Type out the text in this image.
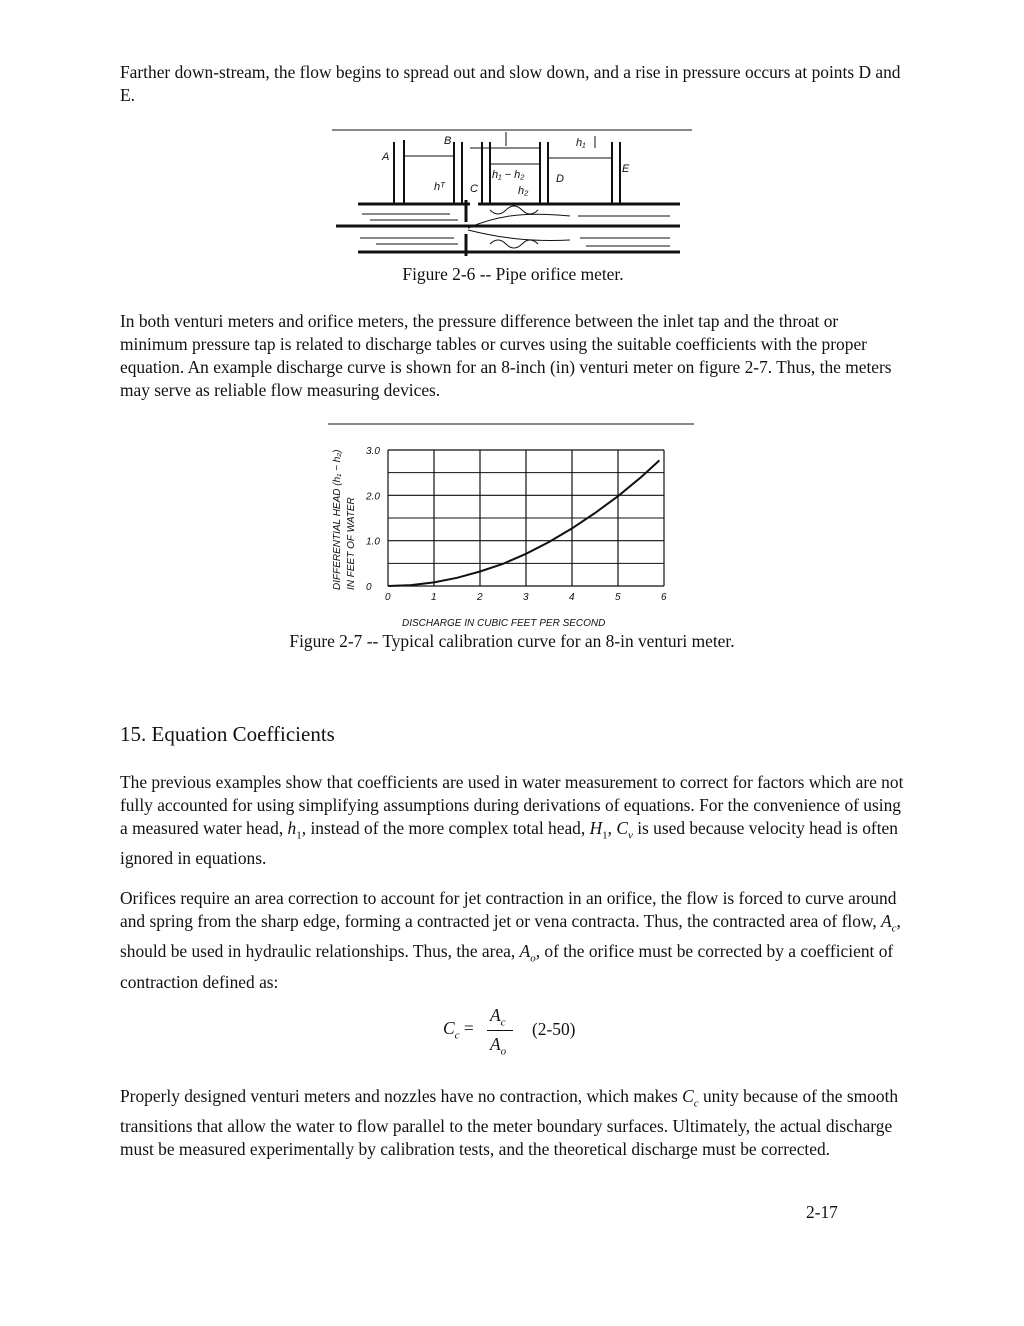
Farther down-stream, the flow begins to spread out and slow down, and a rise in pressure occurs at points D and E.

A
B
C
D
E
h₁
h₁ − h₂
h₂
hᵀ
Figure 2-6 -- Pipe orifice meter.

In both venturi meters and orifice meters, the pressure difference between the inlet tap and the throat or minimum pressure tap is related to discharge tables or curves using the suitable coefficients with the proper equation. An example discharge curve is shown for an 8-inch (in) venturi meter on figure 2-7. Thus, the meters may serve as reliable flow measuring devices.

0	1	2	3	4	5	6
0
1.0
2.0
3.0
DIFFERENTIAL HEAD (h₁ − h₂) IN FEET OF WATER
DISCHARGE IN CUBIC FEET PER SECOND
Figure 2-7 -- Typical calibration curve for an 8-in venturi meter.
15. Equation Coefficients

The previous examples show that coefficients are used in water measurement to correct for factors which are not fully accounted for using simplifying assumptions during derivations of equations. For the convenience of using a measured water head, $h_1$, instead of the more complex total head, $H_1$, $C_v$ is used because velocity head is often ignored in equations.

Orifices require an area correction to account for jet contraction in an orifice, the flow is forced to curve around and spring from the sharp edge, forming a contracted jet or vena contracta. Thus, the contracted area of flow, $A_c$, should be used in hydraulic relationships. Thus, the area, $A_o$, of the orifice must be corrected by a coefficient of contraction defined as:

$C_c$ =
$A_c$
$A_o$
(2-50)

Properly designed venturi meters and nozzles have no contraction, which makes $C_c$ unity because of the smooth transitions that allow the water to flow parallel to the meter boundary surfaces. Ultimately, the actual discharge must be measured experimentally by calibration tests, and the theoretical discharge must be corrected.

2-17
